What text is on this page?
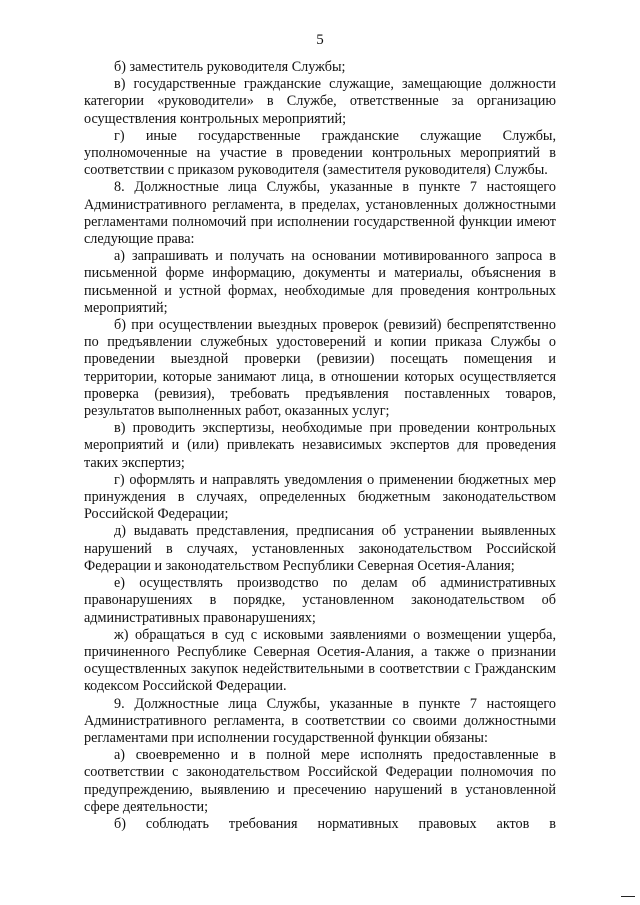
5

б) заместитель руководителя Службы;

в) государственные гражданские служащие, замещающие должности категории «руководители» в Службе, ответственные за организацию осуществления контрольных мероприятий;

г) иные государственные гражданские служащие Службы, уполномоченные на участие в проведении контрольных мероприятий в соответствии с приказом руководителя (заместителя руководителя) Службы.

8. Должностные лица Службы, указанные в пункте 7 настоящего Административного регламента, в пределах, установленных должностными регламентами полномочий при исполнении государственной функции имеют следующие права:

а) запрашивать и получать на основании мотивированного запроса в письменной форме информацию, документы и материалы, объяснения в письменной и устной формах, необходимые для проведения контрольных мероприятий;

б) при осуществлении выездных проверок (ревизий) беспрепятственно по предъявлении служебных удостоверений и копии приказа Службы о проведении выездной проверки (ревизии) посещать помещения и территории, которые занимают лица, в отношении которых осуществляется проверка (ревизия), требовать предъявления поставленных товаров, результатов выполненных работ, оказанных услуг;

в) проводить экспертизы, необходимые при проведении контрольных мероприятий и (или) привлекать независимых экспертов для проведения таких экспертиз;

г) оформлять и направлять уведомления о применении бюджетных мер принуждения в случаях, определенных бюджетным законодательством Российской Федерации;

д) выдавать представления, предписания об устранении выявленных нарушений в случаях, установленных законодательством Российской Федерации и законодательством Республики Северная Осетия-Алания;

е) осуществлять производство по делам об административных правонарушениях в порядке, установленном законодательством об административных правонарушениях;

ж) обращаться в суд с исковыми заявлениями о возмещении ущерба, причиненного Республике Северная Осетия-Алания, а также о признании осуществленных закупок недействительными в соответствии с Гражданским кодексом Российской Федерации.

9. Должностные лица Службы, указанные в пункте 7 настоящего Административного регламента, в соответствии со своими должностными регламентами при исполнении государственной функции обязаны:

а) своевременно и в полной мере исполнять предоставленные в соответствии с законодательством Российской Федерации полномочия по предупреждению, выявлению и пресечению нарушений в установленной сфере деятельности;

б) соблюдать требования нормативных правовых актов в
